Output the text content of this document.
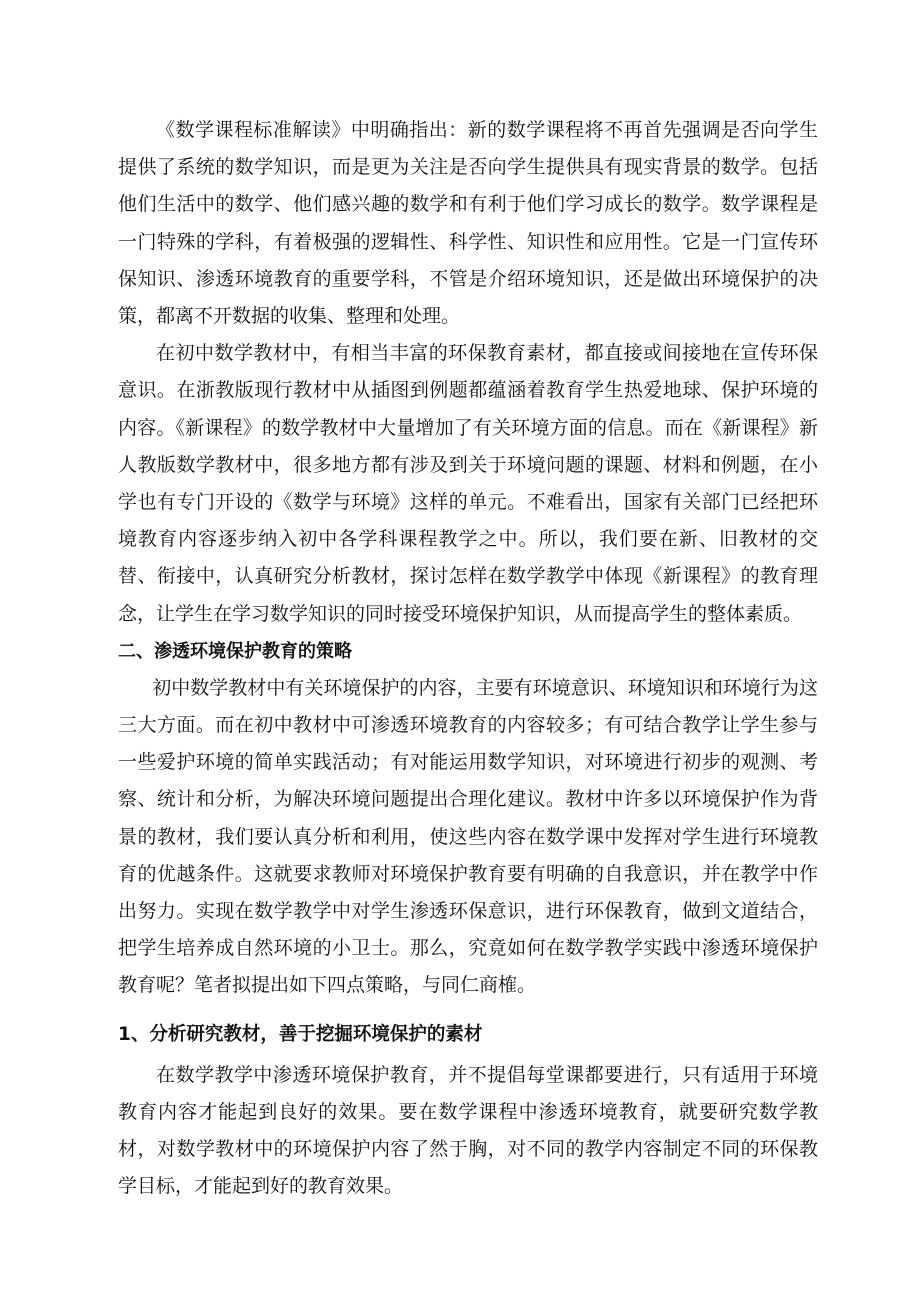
《数学课程标准解读》中明确指出：新的数学课程将不再首先强调是否向学生提供了系统的数学知识，而是更为关注是否向学生提供具有现实背景的数学。包括他们生活中的数学、他们感兴趣的数学和有利于他们学习成长的数学。数学课程是一门特殊的学科，有着极强的逻辑性、科学性、知识性和应用性。它是一门宣传环保知识、渗透环境教育的重要学科，不管是介绍环境知识，还是做出环境保护的决策，都离不开数据的收集、整理和处理。

在初中数学教材中，有相当丰富的环保教育素材，都直接或间接地在宣传环保意识。在浙教版现行教材中从插图到例题都蕴涵着教育学生热爱地球、保护环境的内容。《新课程》的数学教材中大量增加了有关环境方面的信息。而在《新课程》新人教版数学教材中，很多地方都有涉及到关于环境问题的课题、材料和例题，在小学也有专门开设的《数学与环境》这样的单元。不难看出，国家有关部门已经把环境教育内容逐步纳入初中各学科课程教学之中。所以，我们要在新、旧教材的交替、衔接中，认真研究分析教材，探讨怎样在数学教学中体现《新课程》的教育理念，让学生在学习数学知识的同时接受环境保护知识，从而提高学生的整体素质。

二、渗透环境保护教育的策略

初中数学教材中有关环境保护的内容，主要有环境意识、环境知识和环境行为这三大方面。而在初中教材中可渗透环境教育的内容较多；有可结合教学让学生参与一些爱护环境的简单实践活动；有对能运用数学知识，对环境进行初步的观测、考察、统计和分析，为解决环境问题提出合理化建议。教材中许多以环境保护作为背景的教材，我们要认真分析和利用，使这些内容在数学课中发挥对学生进行环境教育的优越条件。这就要求教师对环境保护教育要有明确的自我意识，并在教学中作出努力。实现在数学教学中对学生渗透环保意识，进行环保教育，做到文道结合，把学生培养成自然环境的小卫士。那么，究竟如何在数学教学实践中渗透环境保护教育呢？笔者拟提出如下四点策略，与同仁商榷。

1、分析研究教材，善于挖掘环境保护的素材

在数学教学中渗透环境保护教育，并不提倡每堂课都要进行，只有适用于环境教育内容才能起到良好的效果。要在数学课程中渗透环境教育，就要研究数学教材，对数学教材中的环境保护内容了然于胸，对不同的教学内容制定不同的环保教学目标，才能起到好的教育效果。
